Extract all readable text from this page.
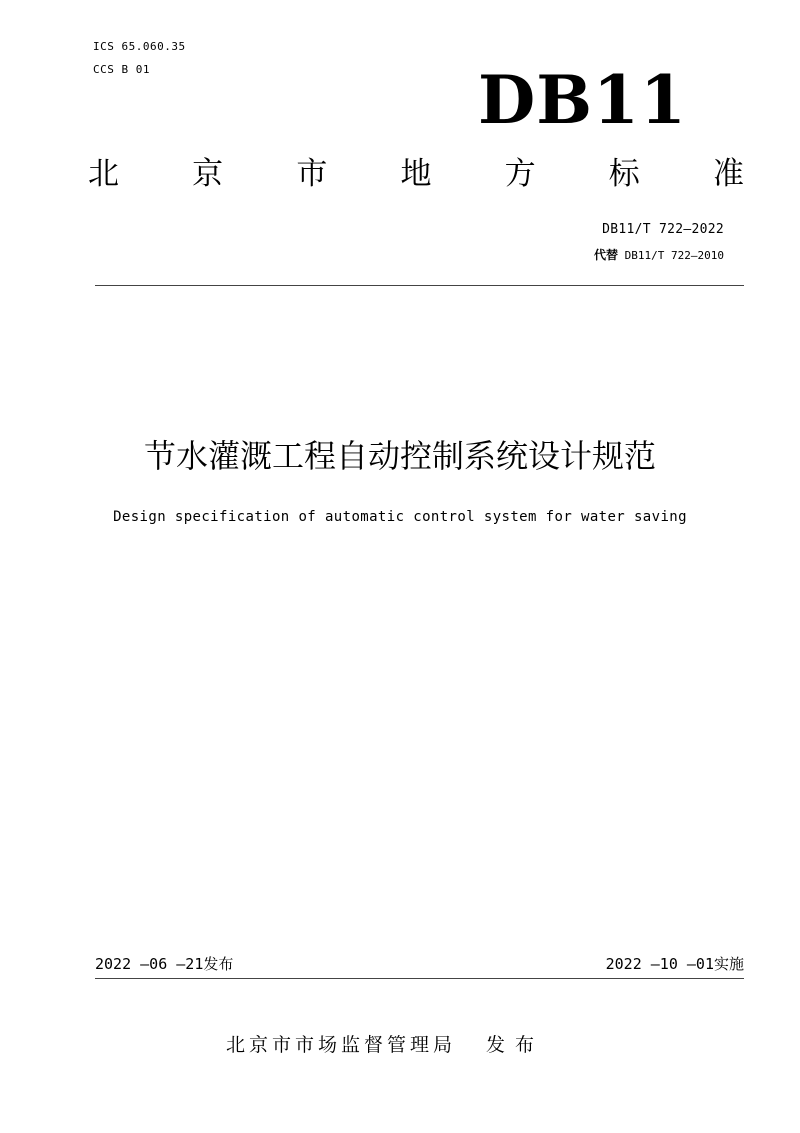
ICS 65.060.35
CCS B 01	DB11
北 京 市 地 方 标 准
DB11/T 722—2022
代替 DB11/T 722—2010
节水灌溉工程自动控制系统设计规范
Design specification of automatic control system for water saving
2022 —06 —21发布	2022 —10 —01实施
北京市市场监督管理局 发布
